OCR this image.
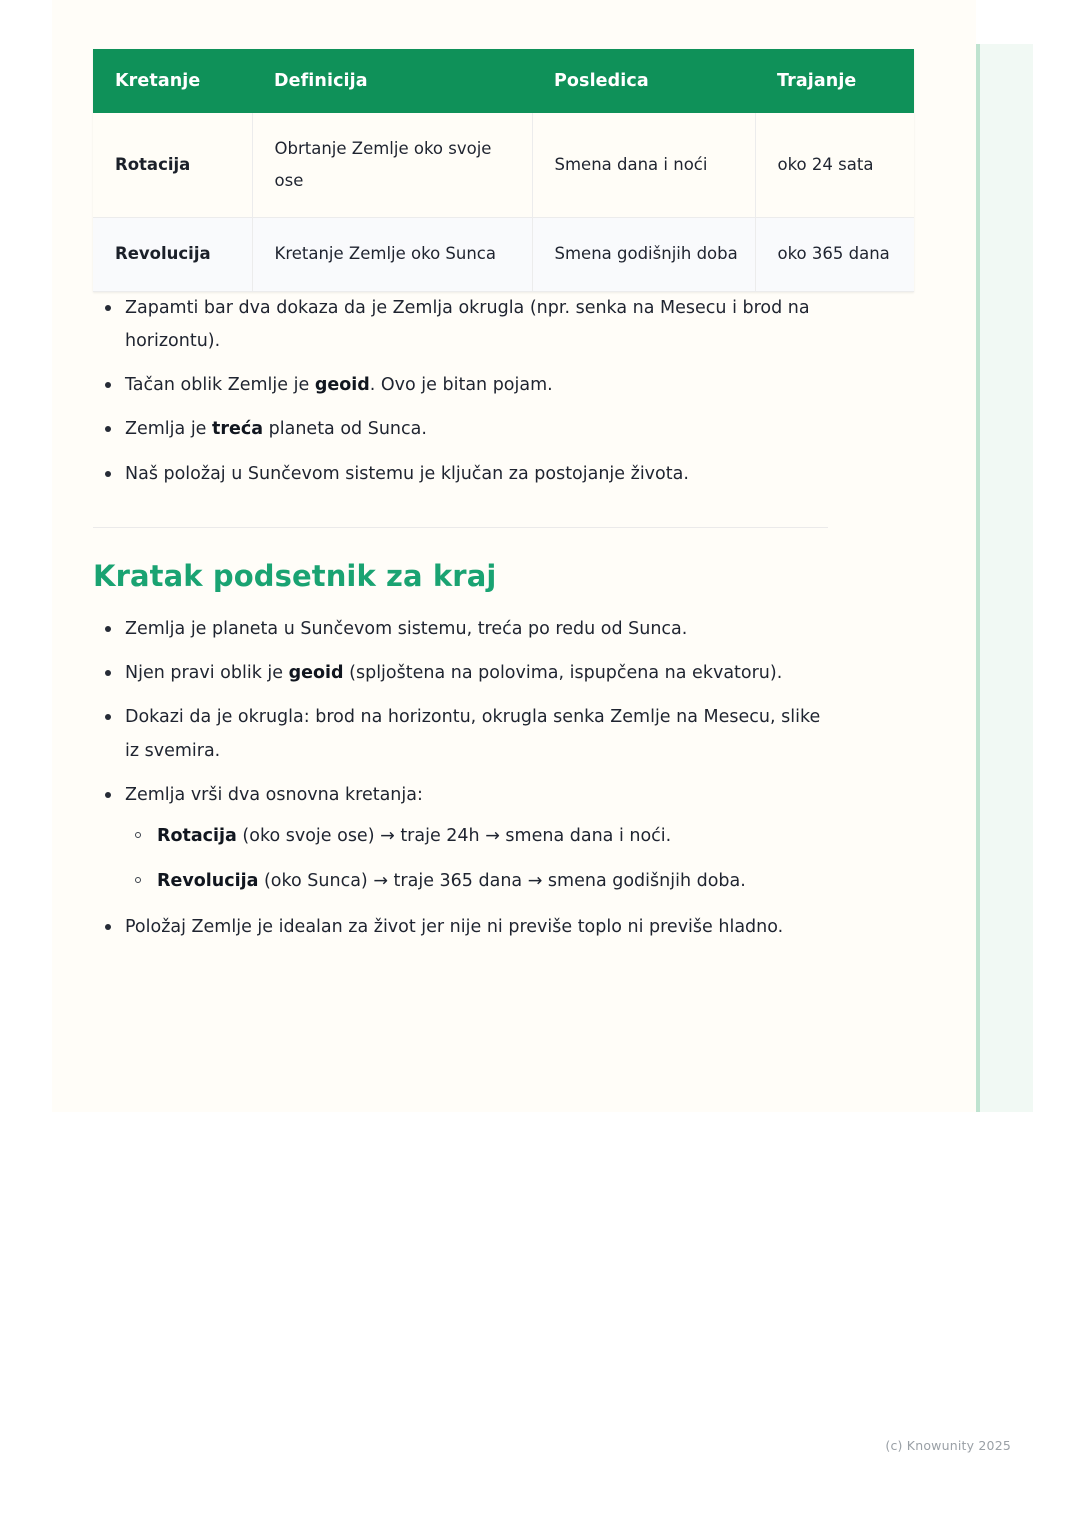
Kretanje	Definicija	Posledica	Trajanje
Rotacija	Obrtanje Zemlje oko svoje ose	Smena dana i noći	oko 24 sata
Revolucija	Kretanje Zemlje oko Sunca	Smena godišnjih doba	oko 365 dana
Zapamti bar dva dokaza da je Zemlja okrugla (npr. senka na Mesecu i brod na horizontu).
Tačan oblik Zemlje je geoid. Ovo je bitan pojam.
Zemlja je treća planeta od Sunca.
Naš položaj u Sunčevom sistemu je ključan za postojanje života.
Kratak podsetnik za kraj
Zemlja je planeta u Sunčevom sistemu, treća po redu od Sunca.
Njen pravi oblik je geoid (spljoštena na polovima, ispupčena na ekvatoru).
Dokazi da je okrugla: brod na horizontu, okrugla senka Zemlje na Mesecu, slike iz svemira.
Zemlja vrši dva osnovna kretanja:
Rotacija (oko svoje ose) → traje 24h → smena dana i noći.
Revolucija (oko Sunca) → traje 365 dana → smena godišnjih doba.
Položaj Zemlje je idealan za život jer nije ni previše toplo ni previše hladno.
(c) Knowunity 2025
